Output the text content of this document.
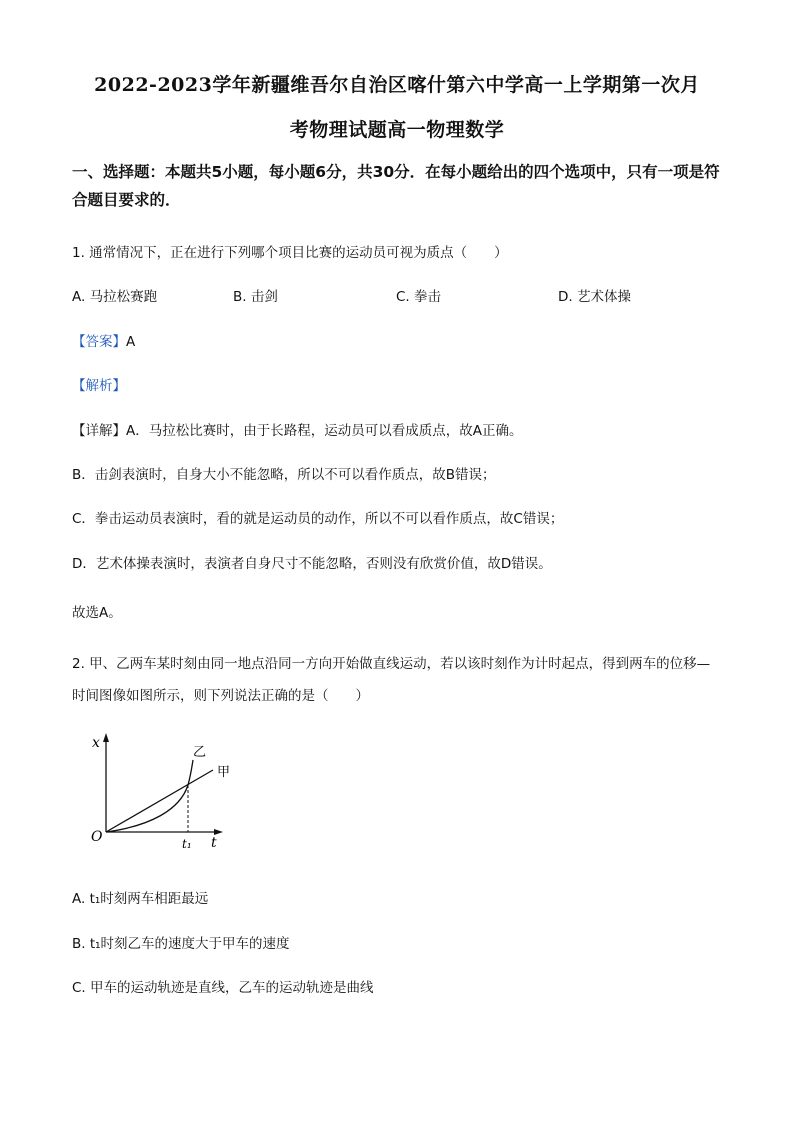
2022-2023学年新疆维吾尔自治区喀什第六中学高一上学期第一次月
考物理试题高一物理数学
一、选择题：本题共5小题，每小题6分，共30分．在每小题给出的四个选项中，只有一项是符合题目要求的．
1. 通常情况下，正在进行下列哪个项目比赛的运动员可视为质点（　　）
A. 马拉松赛跑	B. 击剑	C. 拳击	D. 艺术体操
【答案】A
【解析】
【详解】A．马拉松比赛时，由于长路程，运动员可以看成质点，故A正确。
B．击剑表演时，自身大小不能忽略，所以不可以看作质点，故B错误；
C．拳击运动员表演时，看的就是运动员的动作，所以不可以看作质点，故C错误；
D．艺术体操表演时，表演者自身尺寸不能忽略，否则没有欣赏价值，故D错误。
故选A。
2. 甲、乙两车某时刻由同一地点沿同一方向开始做直线运动，若以该时刻作为计时起点，得到两车的位移—
时间图像如图所示，则下列说法正确的是（　　）
x
t
O	t₁
甲
乙
A. t₁时刻两车相距最远
B. t₁时刻乙车的速度大于甲车的速度
C. 甲车的运动轨迹是直线，乙车的运动轨迹是曲线
